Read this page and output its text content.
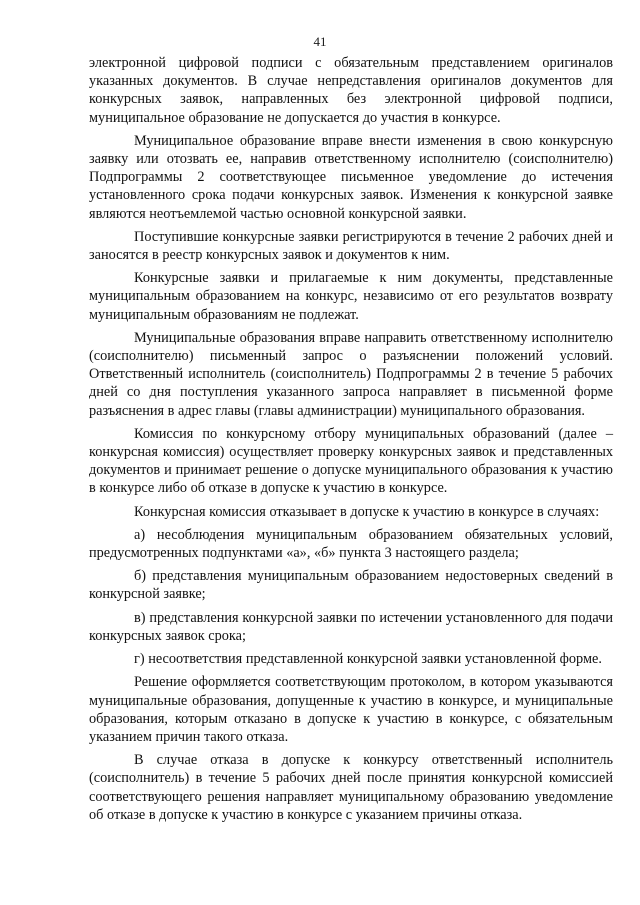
41

электронной цифровой подписи с обязательным представлением оригиналов указанных документов. В случае непредставления оригиналов документов для конкурсных заявок, направленных без электронной цифровой подписи, муниципальное образование не допускается до участия в конкурсе.

Муниципальное образование вправе внести изменения в свою конкурсную заявку или отозвать ее, направив ответственному исполнителю (соисполнителю) Подпрограммы 2 соответствующее письменное уведомление до истечения установленного срока подачи конкурсных заявок. Изменения к конкурсной заявке являются неотъемлемой частью основной конкурсной заявки.

Поступившие конкурсные заявки регистрируются в течение 2 рабочих дней и заносятся в реестр конкурсных заявок и документов к ним.

Конкурсные заявки и прилагаемые к ним документы, представленные муниципальным образованием на конкурс, независимо от его результатов возврату муниципальным образованиям не подлежат.

Муниципальные образования вправе направить ответственному исполнителю (соисполнителю) письменный запрос о разъяснении положений условий. Ответственный исполнитель (соисполнитель) Подпрограммы 2 в течение 5 рабочих дней со дня поступления указанного запроса направляет в письменной форме разъяснения в адрес главы (главы администрации) муниципального образования.

Комиссия по конкурсному отбору муниципальных образований (далее – конкурсная комиссия) осуществляет проверку конкурсных заявок и представленных документов и принимает решение о допуске муниципального образования к участию в конкурсе либо об отказе в допуске к участию в конкурсе.

Конкурсная комиссия отказывает в допуске к участию в конкурсе в случаях:

а) несоблюдения муниципальным образованием обязательных условий, предусмотренных подпунктами «а», «б» пункта 3 настоящего раздела;

б) представления муниципальным образованием недостоверных сведений в конкурсной заявке;

в) представления конкурсной заявки по истечении установленного для подачи конкурсных заявок срока;

г) несоответствия представленной конкурсной заявки установленной форме.

Решение оформляется соответствующим протоколом, в котором указываются муниципальные образования, допущенные к участию в конкурсе, и муниципальные образования, которым отказано в допуске к участию в конкурсе, с обязательным указанием причин такого отказа.

В случае отказа в допуске к конкурсу ответственный исполнитель (соисполнитель) в течение 5 рабочих дней после принятия конкурсной комиссией соответствующего решения направляет муниципальному образованию уведомление об отказе в допуске к участию в конкурсе с указанием причины отказа.
